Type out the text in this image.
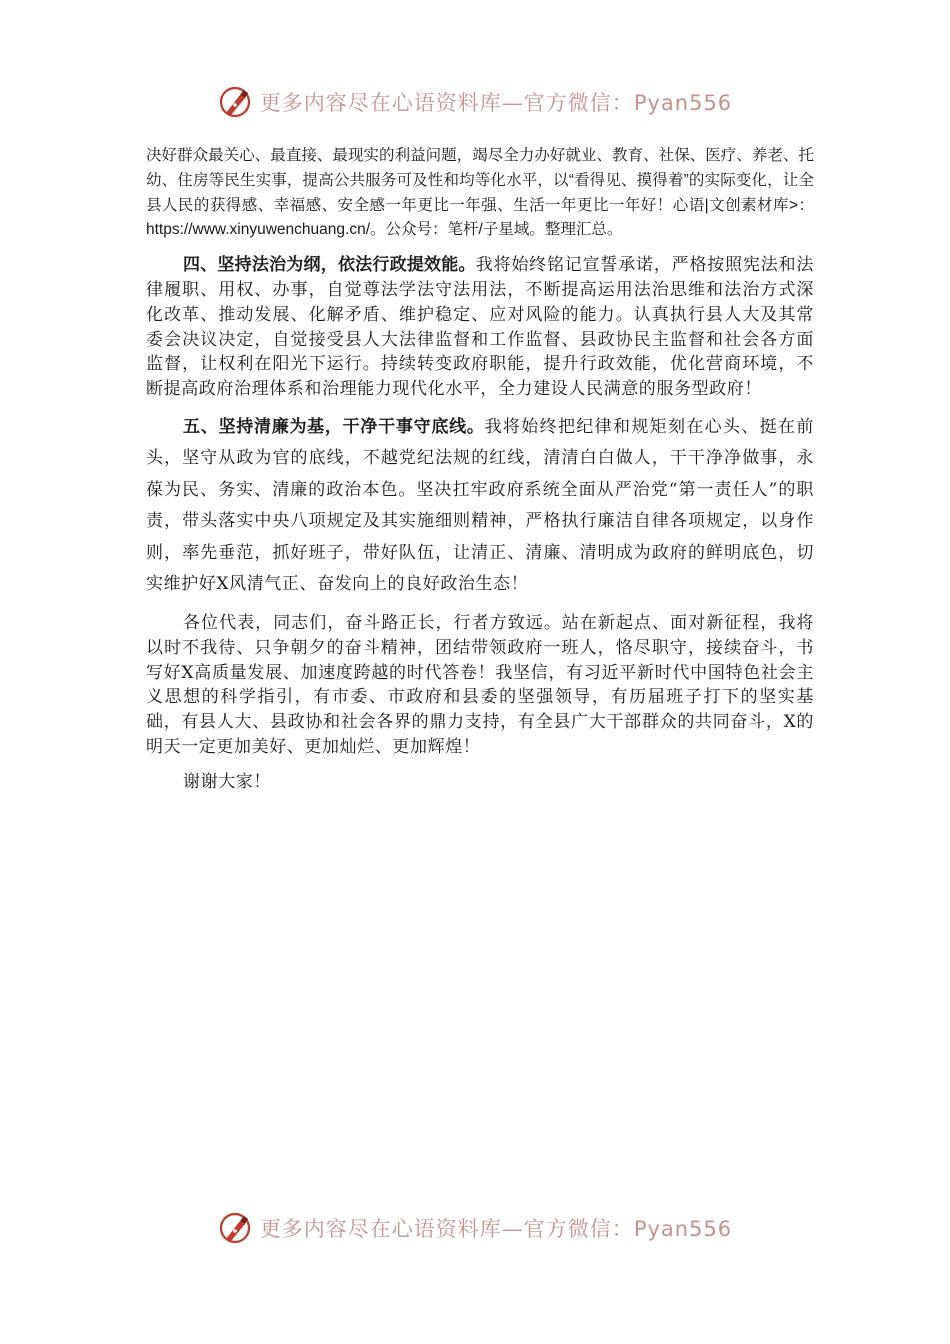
更多内容尽在心语资料库—官方微信：Pyan556

决好群众最关心、最直接、最现实的利益问题，竭尽全力办好就业、教育、社保、医疗、养老、托幼、住房等民生实事，提高公共服务可及性和均等化水平，以“看得见、摸得着”的实际变化，让全县人民的获得感、幸福感、安全感一年更比一年强、生活一年更比一年好！心语|文创素材库>：https://www.xinyuwenchuang.cn/。公众号：笔杆/子星域。整理汇总。

四、坚持法治为纲，依法行政提效能。我将始终铭记宣誓承诺，严格按照宪法和法律履职、用权、办事，自觉尊法学法守法用法，不断提高运用法治思维和法治方式深化改革、推动发展、化解矛盾、维护稳定、应对风险的能力。认真执行县人大及其常委会决议决定，自觉接受县人大法律监督和工作监督、县政协民主监督和社会各方面监督，让权利在阳光下运行。持续转变政府职能，提升行政效能，优化营商环境，不断提高政府治理体系和治理能力现代化水平，全力建设人民满意的服务型政府！

五、坚持清廉为基，干净干事守底线。我将始终把纪律和规矩刻在心头、挺在前头，坚守从政为官的底线，不越党纪法规的红线，清清白白做人，干干净净做事，永葆为民、务实、清廉的政治本色。坚决扛牢政府系统全面从严治党“第一责任人”的职责，带头落实中央八项规定及其实施细则精神，严格执行廉洁自律各项规定，以身作则，率先垂范，抓好班子，带好队伍，让清正、清廉、清明成为政府的鲜明底色，切实维护好X风清气正、奋发向上的良好政治生态！

各位代表，同志们，奋斗路正长，行者方致远。站在新起点、面对新征程，我将以时不我待、只争朝夕的奋斗精神，团结带领政府一班人，恪尽职守，接续奋斗，书写好X高质量发展、加速度跨越的时代答卷！我坚信，有习近平新时代中国特色社会主义思想的科学指引，有市委、市政府和县委的坚强领导，有历届班子打下的坚实基础，有县人大、县政协和社会各界的鼎力支持，有全县广大干部群众的共同奋斗，X的明天一定更加美好、更加灿烂、更加辉煌！

谢谢大家！

更多内容尽在心语资料库—官方微信：Pyan556
